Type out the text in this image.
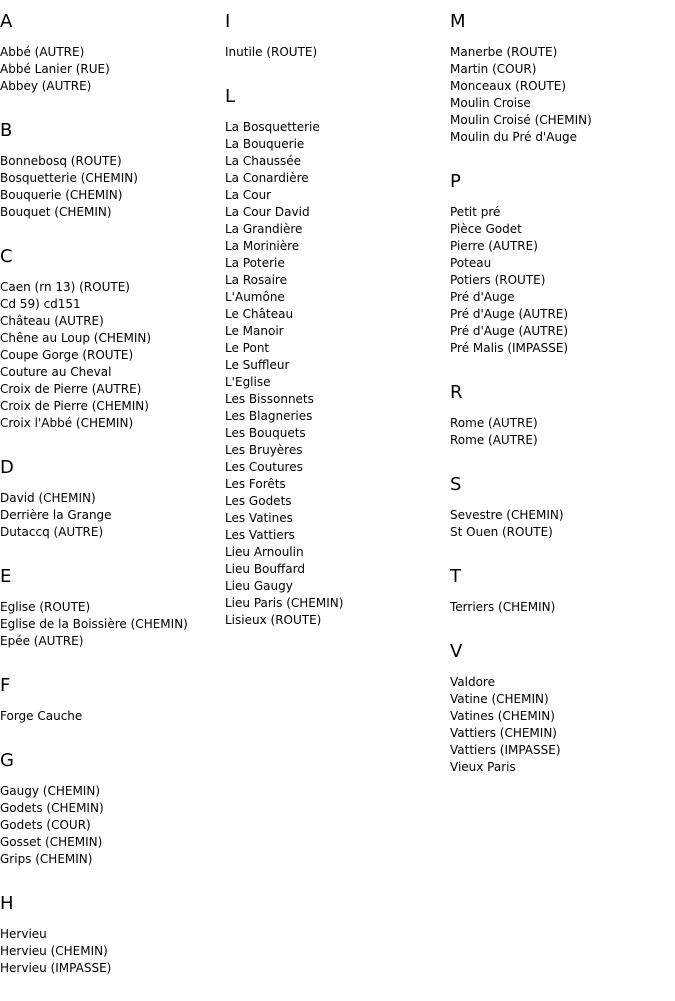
A
Abbé (AUTRE)
Abbé Lanier (RUE)
Abbey (AUTRE)
B
Bonnebosq (ROUTE)
Bosquetterie (CHEMIN)
Bouquerie (CHEMIN)
Bouquet (CHEMIN)
C
Caen (rn 13) (ROUTE)
Cd 59) cd151
Château (AUTRE)
Chêne au Loup (CHEMIN)
Coupe Gorge (ROUTE)
Couture au Cheval
Croix de Pierre (AUTRE)
Croix de Pierre (CHEMIN)
Croix l'Abbé (CHEMIN)
D
David (CHEMIN)
Derrière la Grange
Dutaccq (AUTRE)
E
Eglise (ROUTE)
Eglise de la Boissière (CHEMIN)
Epée (AUTRE)
F
Forge Cauche
G
Gaugy (CHEMIN)
Godets (CHEMIN)
Godets (COUR)
Gosset (CHEMIN)
Grips (CHEMIN)
H
Hervieu
Hervieu (CHEMIN)
Hervieu (IMPASSE)
I
Inutile (ROUTE)
L
La Bosquetterie
La Bouquerie
La Chaussée
La Conardière
La Cour
La Cour David
La Grandière
La Morinière
La Poterie
La Rosaire
L'Aumône
Le Château
Le Manoir
Le Pont
Le Suffleur
L'Eglise
Les Bissonnets
Les Blagneries
Les Bouquets
Les Bruyères
Les Coutures
Les Forêts
Les Godets
Les Vatines
Les Vattiers
Lieu Arnoulin
Lieu Bouffard
Lieu Gaugy
Lieu Paris (CHEMIN)
Lisieux (ROUTE)
M
Manerbe (ROUTE)
Martin (COUR)
Monceaux (ROUTE)
Moulin Croise
Moulin Croisé (CHEMIN)
Moulin du Pré d'Auge
P
Petit pré
Pièce Godet
Pierre (AUTRE)
Poteau
Potiers (ROUTE)
Pré d'Auge
Pré d'Auge (AUTRE)
Pré d'Auge (AUTRE)
Pré Malis (IMPASSE)
R
Rome (AUTRE)
Rome (AUTRE)
S
Sevestre (CHEMIN)
St Ouen (ROUTE)
T
Terriers (CHEMIN)
V
Valdore
Vatine (CHEMIN)
Vatines (CHEMIN)
Vattiers (CHEMIN)
Vattiers (IMPASSE)
Vieux Paris
